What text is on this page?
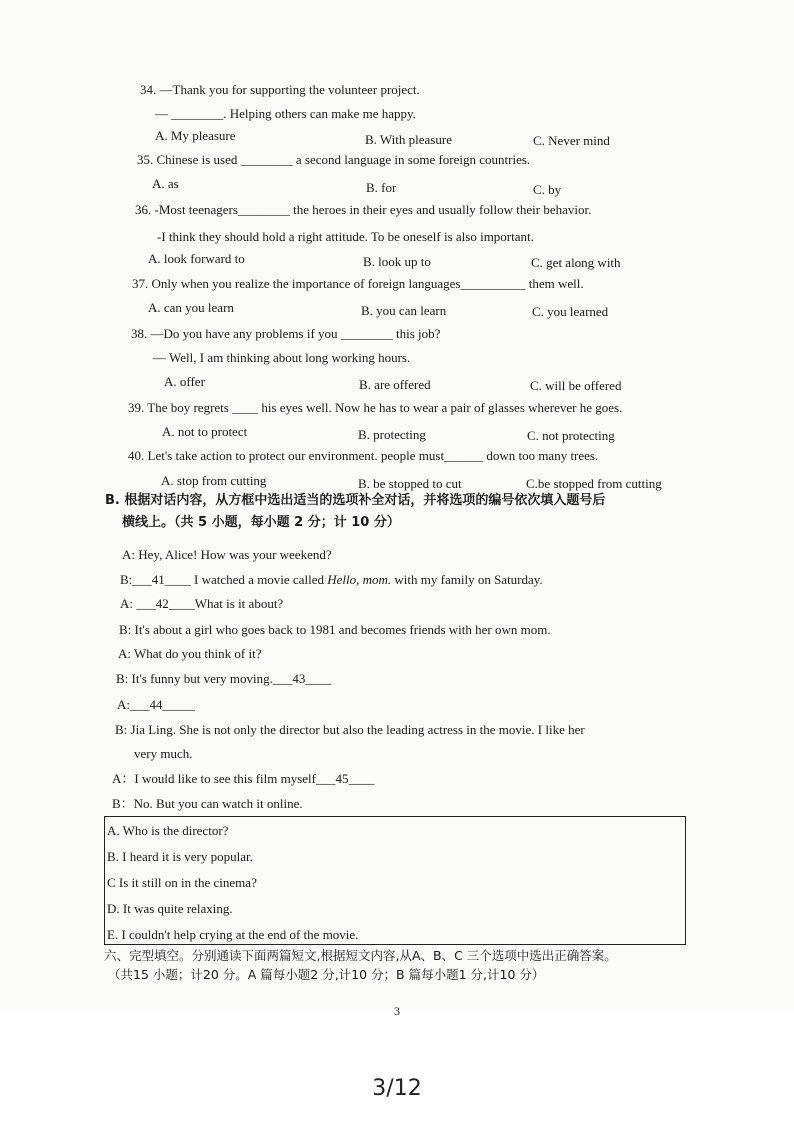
34. —Thank you for supporting the volunteer project.
— ________. Helping others can make me happy.
A. My pleasure	B. With pleasure	C. Never mind
35. Chinese is used ________ a second language in some foreign countries.
A. as	B. for	C. by
36. -Most teenagers________ the heroes in their eyes and usually follow their behavior.
-I think they should hold a right attitude. To be oneself is also important.
A. look forward to	B. look up to	C. get along with
37. Only when you realize the importance of foreign languages__________ them well.
A. can you learn	B. you can learn	C. you learned
38. —Do you have any problems if you ________ this job?
— Well, I am thinking about long working hours.
A. offer	B. are offered	C. will be offered
39. The boy regrets ____ his eyes well. Now he has to wear a pair of glasses wherever he goes.
A. not to protect	B. protecting	C. not protecting
40. Let's take action to protect our environment. people must______ down too many trees.
A. stop from cutting	B. be stopped to cut	C.be stopped from cutting
B. 根据对话内容，从方框中选出适当的选项补全对话，并将选项的编号依次填入题号后
横线上。（共 5 小题，每小题 2 分；计 10 分）
A: Hey, Alice! How was your weekend?
B:___41____ I watched a movie called Hello, mom. with my family on Saturday.
A: ___42____What is it about?
B: It's about a girl who goes back to 1981 and becomes friends with her own mom.
A: What do you think of it?
B: It's funny but very moving.___43____
A:___44_____
B: Jia Ling. She is not only the director but also the leading actress in the movie. I like her
very much.
A：I would like to see this film myself___45____
B：No. But you can watch it online.
A. Who is the director?
B. I heard it is very popular.
C Is it still on in the cinema?
D. It was quite relaxing.
E. I couldn't help crying at the end of the movie.
六、完型填空。分别通读下面两篇短文,根据短文内容,从A、B、C 三个选项中选出正确答案。
（共15 小题；计20 分。A 篇每小题2 分,计10 分；B 篇每小题1 分,计10 分）
3
3/12
